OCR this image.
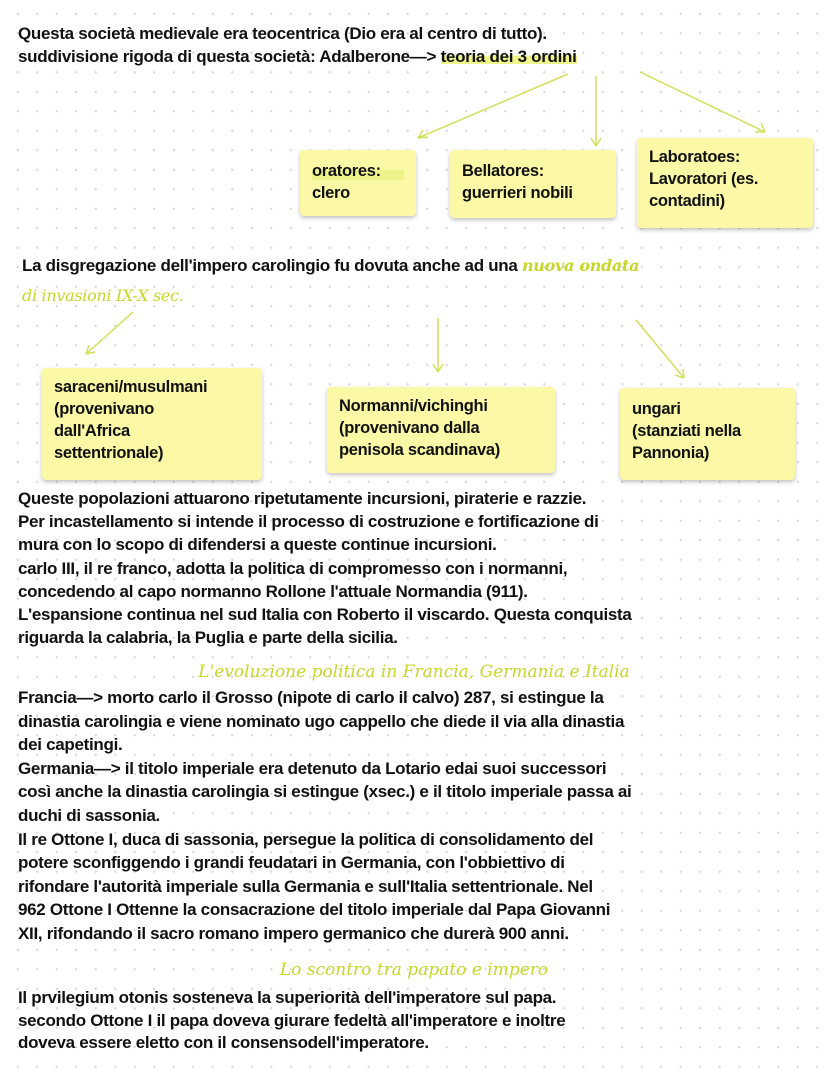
Questa società medievale era teocentrica (Dio era al centro di tutto).
suddivisione rigoda di questa società: Adalberone—> teoria dei 3 ordini
oratores:
clero
Bellatores:
guerrieri nobili
Laboratoes:
Lavoratori (es.
contadini)
La disgregazione dell'impero carolingio fu dovuta anche ad una nuova ondata
di invasioni IX-X sec.
saraceni/musulmani
(provenivano
dall'Africa
settentrionale)
Normanni/vichinghi
(provenivano dalla
penisola scandinava)
ungari
(stanziati nella
Pannonia)
Queste popolazioni attuarono ripetutamente incursioni, piraterie e razzie.
Per incastellamento si intende il processo di costruzione e fortificazione di
mura con lo scopo di difendersi a queste continue incursioni.
carlo III, il re franco, adotta la politica di compromesso con i normanni,
concedendo al capo normanno Rollone l'attuale Normandia (911).
L'espansione continua nel sud Italia con Roberto il viscardo. Questa conquista
riguarda la calabria, la Puglia e parte della sicilia.
L'evoluzione politica in Francia, Germania e Italia
Francia—> morto carlo il Grosso (nipote di carlo il calvo) 287, si estingue la
dinastia carolingia e viene nominato ugo cappello che diede il via alla dinastia
dei capetingi.
Germania—> il titolo imperiale era detenuto da Lotario edai suoi successori
così anche la dinastia carolingia si estingue (xsec.) e il titolo imperiale passa ai
duchi di sassonia.
Il re Ottone I, duca di sassonia, persegue la politica di consolidamento del
potere sconfiggendo i grandi feudatari in Germania, con l'obbiettivo di
rifondare l'autorità imperiale sulla Germania e sull'Italia settentrionale. Nel
962 Ottone I Ottenne la consacrazione del titolo imperiale dal Papa Giovanni
XII, rifondando il sacro romano impero germanico che durerà 900 anni.
Lo scontro tra papato e impero
Il prvilegium otonis sosteneva la superiorità dell'imperatore sul papa.
secondo Ottone I il papa doveva giurare fedeltà all'imperatore e inoltre
doveva essere eletto con il consensodell'imperatore.
